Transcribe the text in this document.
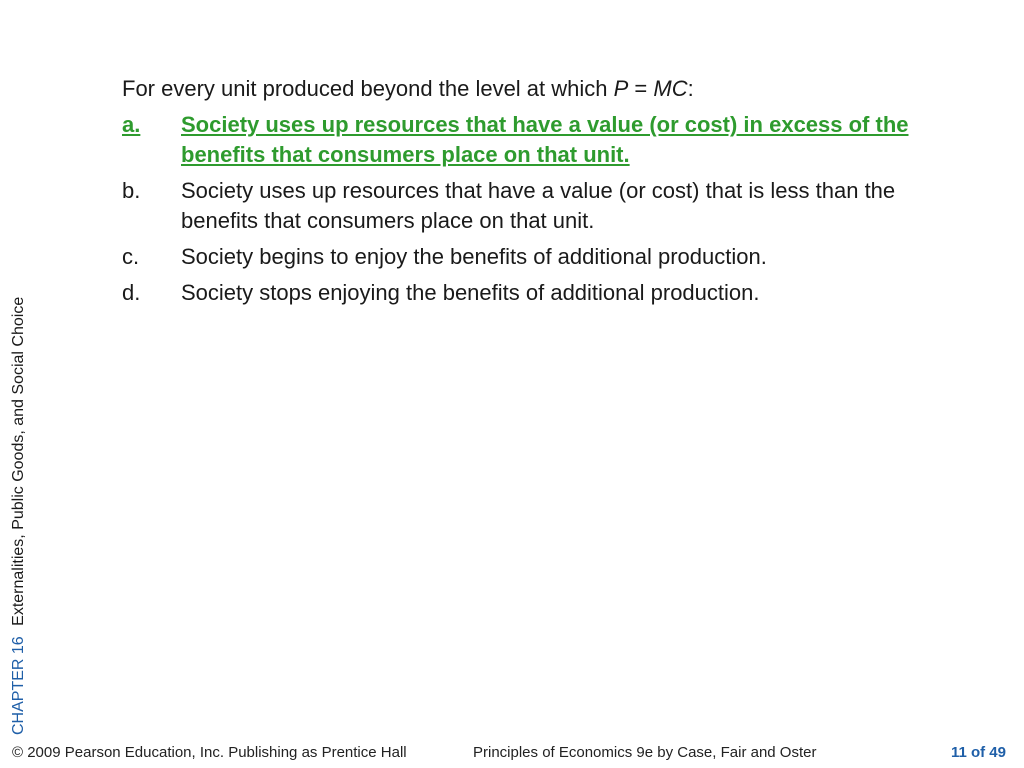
CHAPTER 16 Externalities, Public Goods, and Social Choice
For every unit produced beyond the level at which P = MC:
a.	Society uses up resources that have a value (or cost) in excess of the benefits that consumers place on that unit.
b.	Society uses up resources that have a value (or cost) that is less than the benefits that consumers place on that unit.
c.	Society begins to enjoy the benefits of additional production.
d.	Society stops enjoying the benefits of additional production.
© 2009 Pearson Education, Inc. Publishing as Prentice Hall	Principles of Economics 9e by Case, Fair and Oster	11 of 49
